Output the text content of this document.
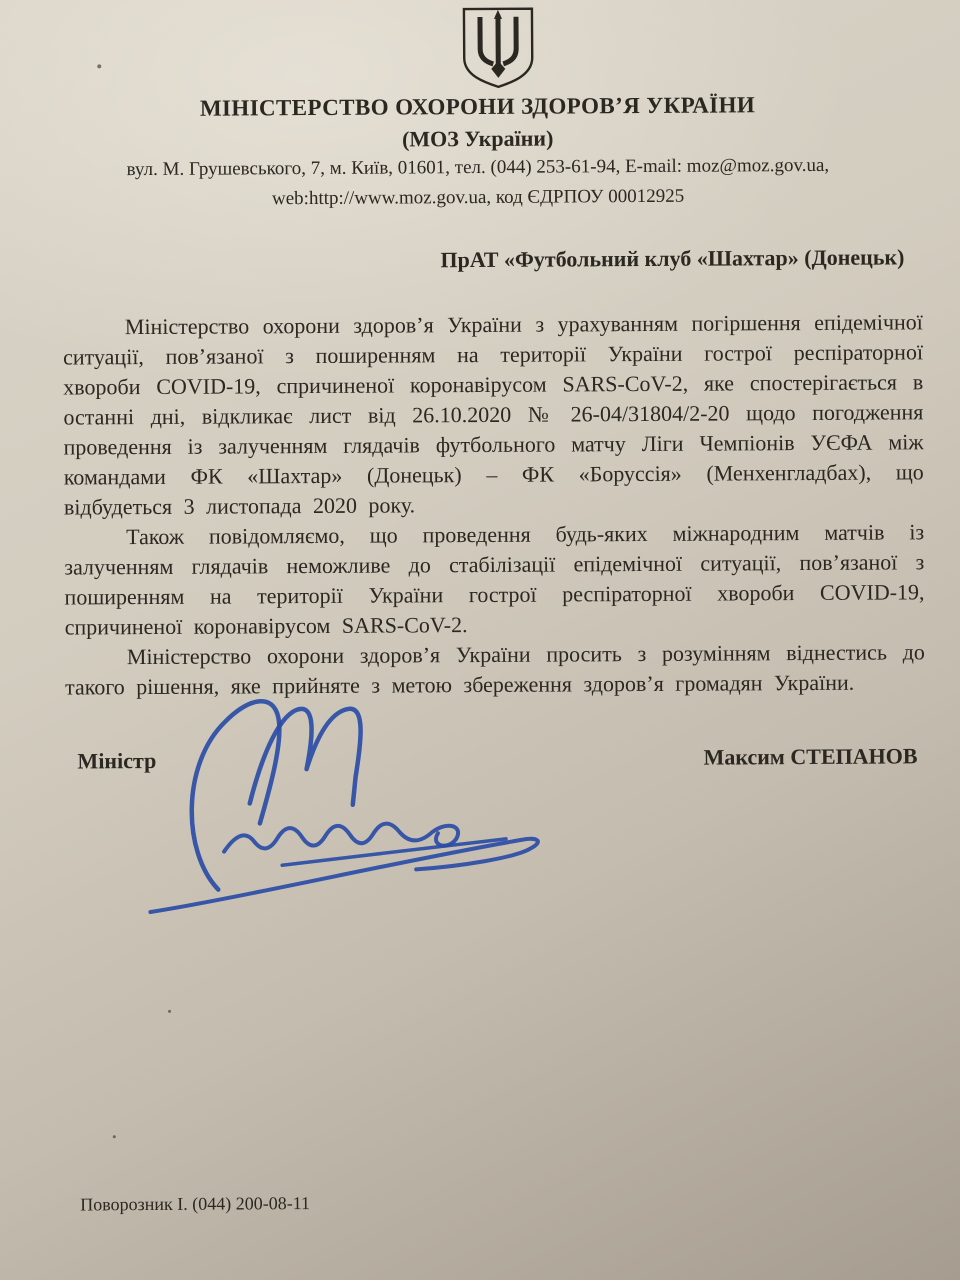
МІНІСТЕРСТВО ОХОРОНИ ЗДОРОВ’Я УКРАЇНИ
(МОЗ України)
вул. М. Грушевського, 7, м. Київ, 01601, тел. (044) 253-61-94, E-mail: moz@moz.gov.ua,
web:http://www.moz.gov.ua, код ЄДРПОУ 00012925
ПрАТ «Футбольний клуб «Шахтар» (Донецьк)

Міністерство охорони здоров’я України з урахуванням погіршення епідемічної ситуації, пов’язаної з поширенням на території України гострої респіраторної хвороби COVID-19, спричиненої коронавірусом SARS-CoV-2, яке спостерігається в останні дні, відкликає лист від 26.10.2020 № 26-04/31804/2-20 щодо погодження проведення із залученням глядачів футбольного матчу Ліги Чемпіонів УЄФА між командами ФК «Шахтар» (Донецьк) – ФК «Боруссія» (Менхенгладбах), що відбудеться 3 листопада 2020 року.

Також повідомляємо, що проведення будь-яких міжнародним матчів із залученням глядачів неможливе до стабілізації епідемічної ситуації, пов’язаної з поширенням на території України гострої респіраторної хвороби COVID-19, спричиненої коронавірусом SARS-CoV-2.

Міністерство охорони здоров’я України просить з розумінням віднестись до такого рішення, яке прийняте з метою збереження здоров’я громадян України.

Міністр	Максим СТЕПАНОВ
Поворозник І. (044) 200-08-11
